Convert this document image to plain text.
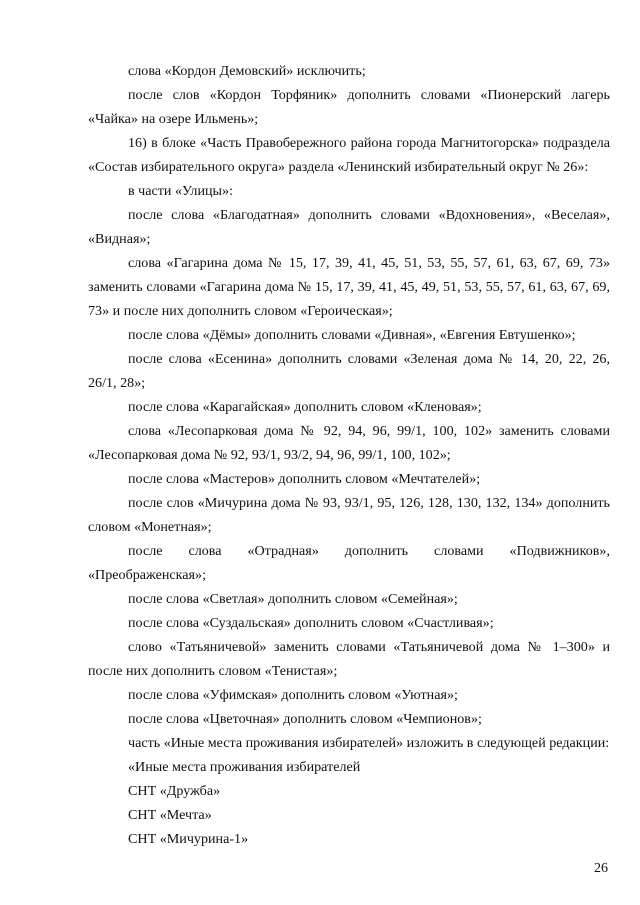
слова «Кордон Демовский» исключить;

после слов «Кордон Торфяник» дополнить словами «Пионерский лагерь «Чайка» на озере Ильмень»;

16) в блоке «Часть Правобережного района города Магнитогорска» подраздела «Состав избирательного округа» раздела «Ленинский избирательный округ № 26»:

в части «Улицы»:

после слова «Благодатная» дополнить словами «Вдохновения», «Веселая», «Видная»;

слова «Гагарина дома № 15, 17, 39, 41, 45, 51, 53, 55, 57, 61, 63, 67, 69, 73» заменить словами «Гагарина дома № 15, 17, 39, 41, 45, 49, 51, 53, 55, 57, 61, 63, 67, 69, 73» и после них дополнить словом «Героическая»;

после слова «Дёмы» дополнить словами «Дивная», «Евгения Евтушенко»;

после слова «Есенина» дополнить словами «Зеленая дома № 14, 20, 22, 26, 26/1, 28»;

после слова «Карагайская» дополнить словом «Кленовая»;

слова «Лесопарковая дома № 92, 94, 96, 99/1, 100, 102» заменить словами «Лесопарковая дома № 92, 93/1, 93/2, 94, 96, 99/1, 100, 102»;

после слова «Мастеров» дополнить словом «Мечтателей»;

после слов «Мичурина дома № 93, 93/1, 95, 126, 128, 130, 132, 134» дополнить словом «Монетная»;

после слова «Отрадная» дополнить словами «Подвижников», «Преображенская»;

после слова «Светлая» дополнить словом «Семейная»;

после слова «Суздальская» дополнить словом «Счастливая»;

слово «Татьяничевой» заменить словами «Татьяничевой дома № 1–300» и после них дополнить словом «Тенистая»;

после слова «Уфимская» дополнить словом «Уютная»;

после слова «Цветочная» дополнить словом «Чемпионов»;

часть «Иные места проживания избирателей» изложить в следующей редакции:

«Иные места проживания избирателей

СНТ «Дружба»

СНТ «Мечта»

СНТ «Мичурина-1»

26
